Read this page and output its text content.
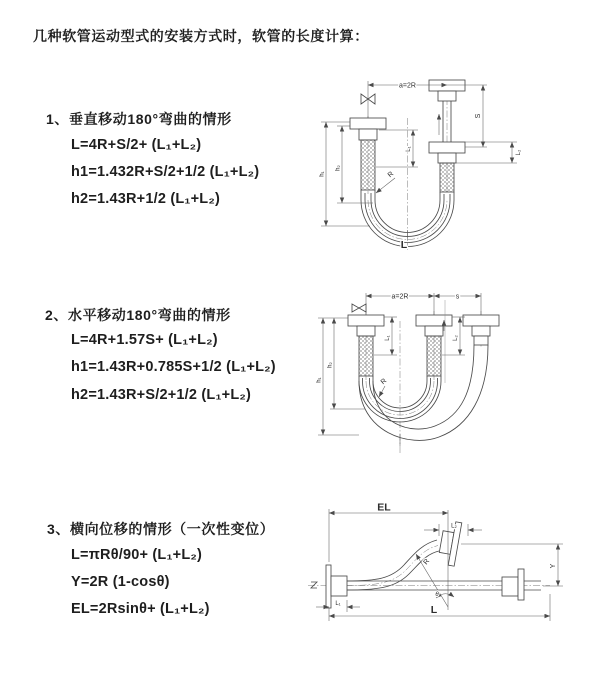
几种软管运动型式的安装方式时，软管的长度计算：
1、垂直移动180°弯曲的情形
L=4R+S/2+ (L₁+L₂)
h1=1.432R+S/2+1/2 (L₁+L₂)
h2=1.43R+1/2 (L₁+L₂)
2、水平移动180°弯曲的情形
L=4R+1.57S+ (L₁+L₂)
h1=1.43R+0.785S+1/2 (L₁+L₂)
h2=1.43R+S/2+1/2 (L₁+L₂)
3、横向位移的情形（一次性变位）
L=πRθ/90+ (L₁+L₂)
Y=2R (1-cosθ)
EL=2Rsinθ+ (L₁+L₂)
a=2R
S
L₂
L₁
h₁
h₂
R
L
a=2R	s
L₁	L₂
h₁
h₂
R
EL
L
L₁
L₂
Y
R
θ
